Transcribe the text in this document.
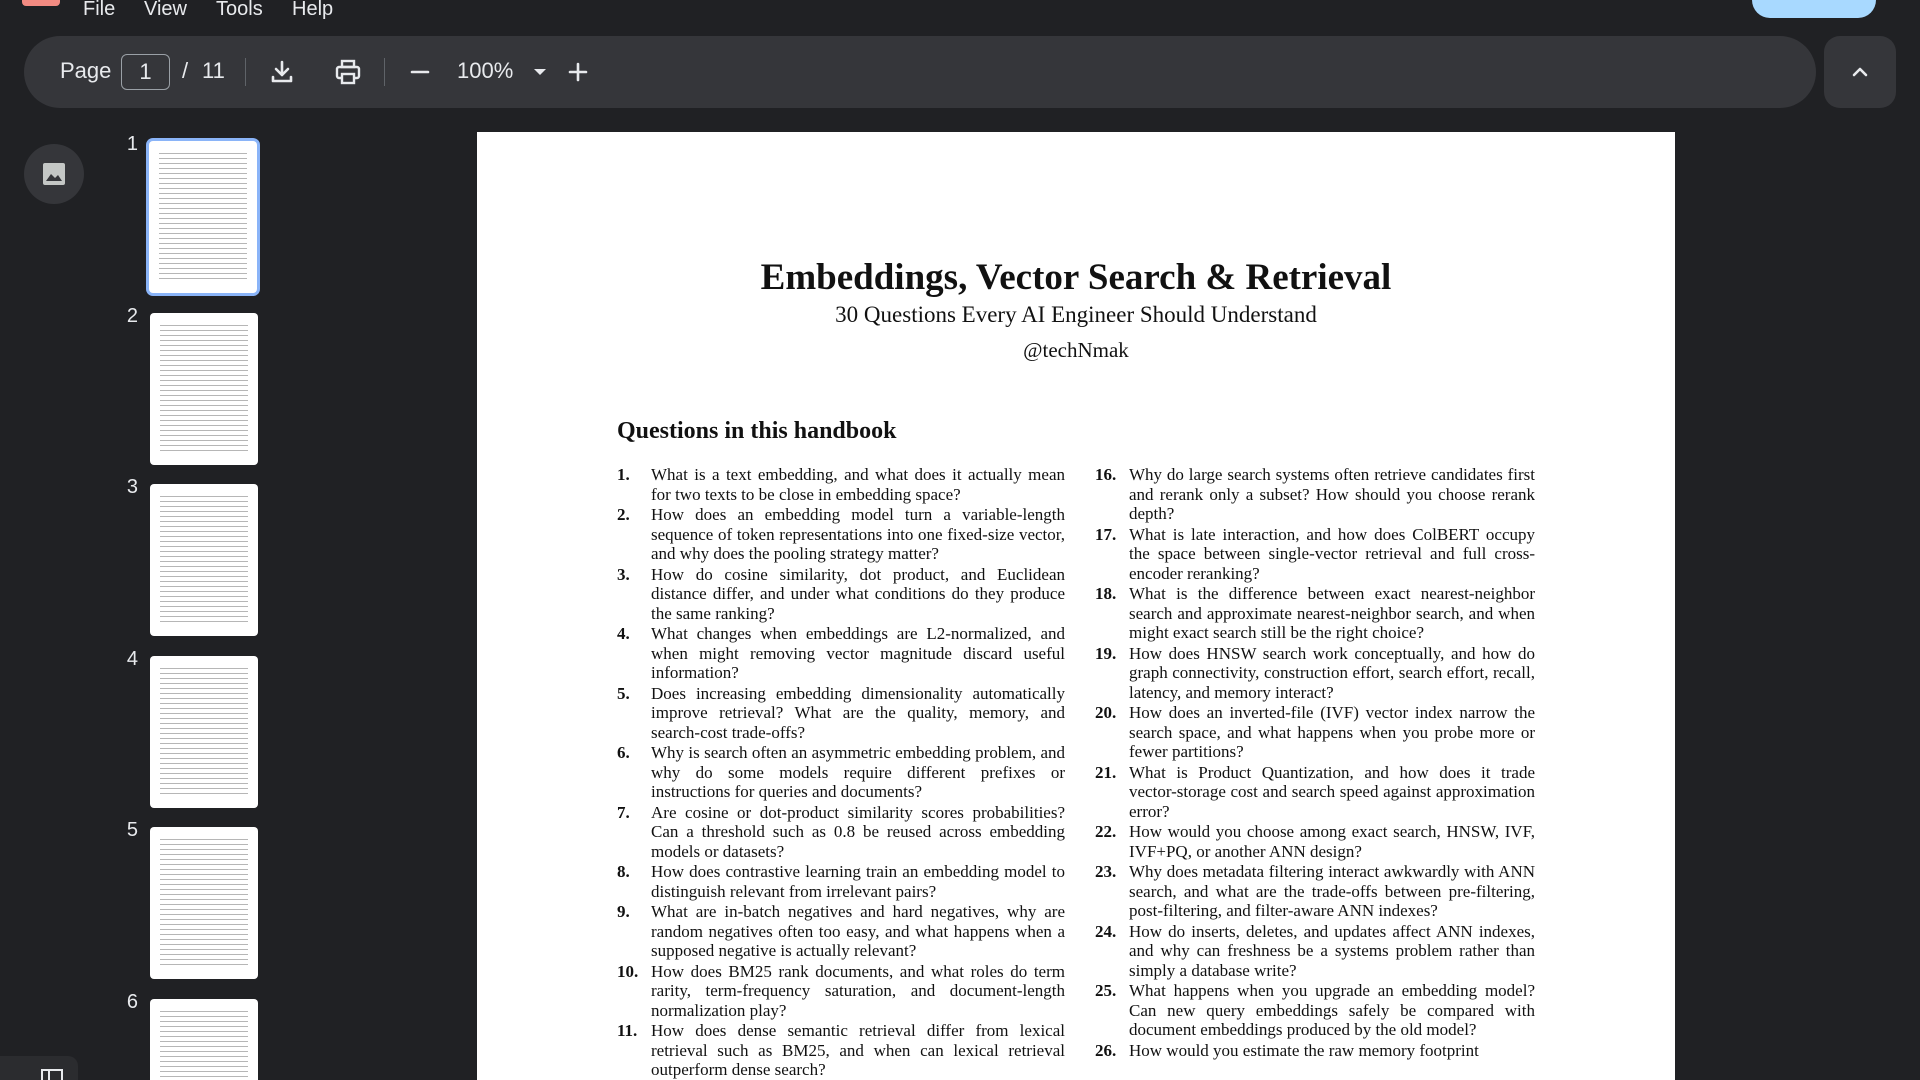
File View Tools Help
Page
1	/ 11	100%
1
2
3
4
5
6
Embeddings, Vector Search & Retrieval
30 Questions Every AI Engineer Should Understand
@techNmak
Questions in this handbook
1. What is a text embedding, and what does it actually mean for two texts to be close in embedding space?
2. How does an embedding model turn a variable-length sequence of token representations into one fixed-size vector, and why does the pooling strategy matter?
3. How do cosine similarity, dot product, and Euclidean distance differ, and under what conditions do they produce the same ranking?
4. What changes when embeddings are L2-normalized, and when might removing vector magnitude discard useful information?
5. Does increasing embedding dimensionality automatically improve retrieval? What are the quality, memory, and search-cost trade-offs?
6. Why is search often an asymmetric embedding problem, and why do some models require different prefixes or instructions for queries and documents?
7. Are cosine or dot-product similarity scores probabilities? Can a threshold such as 0.8 be reused across embedding models or datasets?
8. How does contrastive learning train an embedding model to distinguish relevant from irrelevant pairs?
9. What are in-batch negatives and hard negatives, why are random negatives often too easy, and what happens when a supposed negative is actually relevant?
10. How does BM25 rank documents, and what roles do term rarity, term-frequency saturation, and document-length normalization play?
11. How does dense semantic retrieval differ from lexical retrieval such as BM25, and when can lexical retrieval outperform dense search?
16. Why do large search systems often retrieve candidates first and rerank only a subset? How should you choose rerank depth?
17. What is late interaction, and how does ColBERT occupy the space between single-vector retrieval and full cross-encoder reranking?
18. What is the difference between exact nearest-neighbor search and approximate nearest-neighbor search, and when might exact search still be the right choice?
19. How does HNSW search work conceptually, and how do graph connectivity, construction effort, search effort, recall, latency, and memory interact?
20. How does an inverted-file (IVF) vector index narrow the search space, and what happens when you probe more or fewer partitions?
21. What is Product Quantization, and how does it trade vector-storage cost and search speed against approximation error?
22. How would you choose among exact search, HNSW, IVF, IVF+PQ, or another ANN design?
23. Why does metadata filtering interact awkwardly with ANN search, and what are the trade-offs between pre-filtering, post-filtering, and filter-aware ANN indexes?
24. How do inserts, deletes, and updates affect ANN indexes, and why can freshness be a systems problem rather than simply a database write?
25. What happens when you upgrade an embedding model? Can new query embeddings safely be compared with document embeddings produced by the old model?
26. How would you estimate the raw memory footprint
